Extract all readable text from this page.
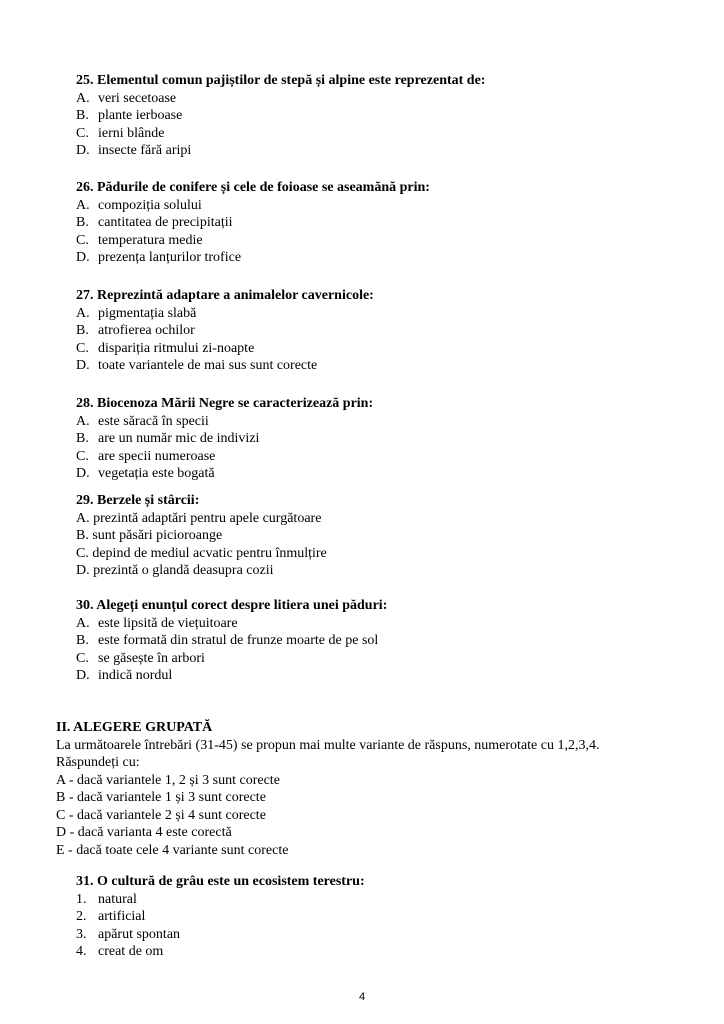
25. Elementul comun pajiștilor de stepă și alpine este reprezentat de:
A. veri secetoase
B. plante ierboase
C. ierni blânde
D. insecte fără aripi
26. Pădurile de conifere și cele de foioase se aseamănă prin:
A. compoziția solului
B. cantitatea de precipitații
C. temperatura medie
D. prezența lanțurilor trofice
27. Reprezintă adaptare a animalelor cavernicole:
A. pigmentația slabă
B. atrofierea ochilor
C. dispariția ritmului zi-noapte
D. toate variantele de mai sus sunt corecte
28. Biocenoza Mării Negre se caracterizează prin:
A. este săracă în specii
B. are un număr mic de indivizi
C. are specii numeroase
D. vegetația este bogată
29. Berzele și stârcii:
A. prezintă adaptări pentru apele curgătoare
B. sunt păsări picioroange
C. depind de mediul acvatic pentru înmulțire
D. prezintă o glandă deasupra cozii
30. Alegeți enunțul corect despre litiera unei păduri:
A. este lipsită de viețuitoare
B. este formată din stratul de frunze moarte de pe sol
C. se găsește în arbori
D. indică nordul
II. ALEGERE GRUPATĂ
La următoarele întrebări (31-45) se propun mai multe variante de răspuns, numerotate cu 1,2,3,4.
Răspundeți cu:
A - dacă variantele 1, 2 și 3 sunt corecte
B - dacă variantele 1 și 3 sunt corecte
C - dacă variantele 2 și 4 sunt corecte
D - dacă varianta 4 este corectă
E - dacă toate cele 4 variante sunt corecte
31. O cultură de grâu este un ecosistem terestru:
1. natural
2. artificial
3. apărut spontan
4. creat de om
4
